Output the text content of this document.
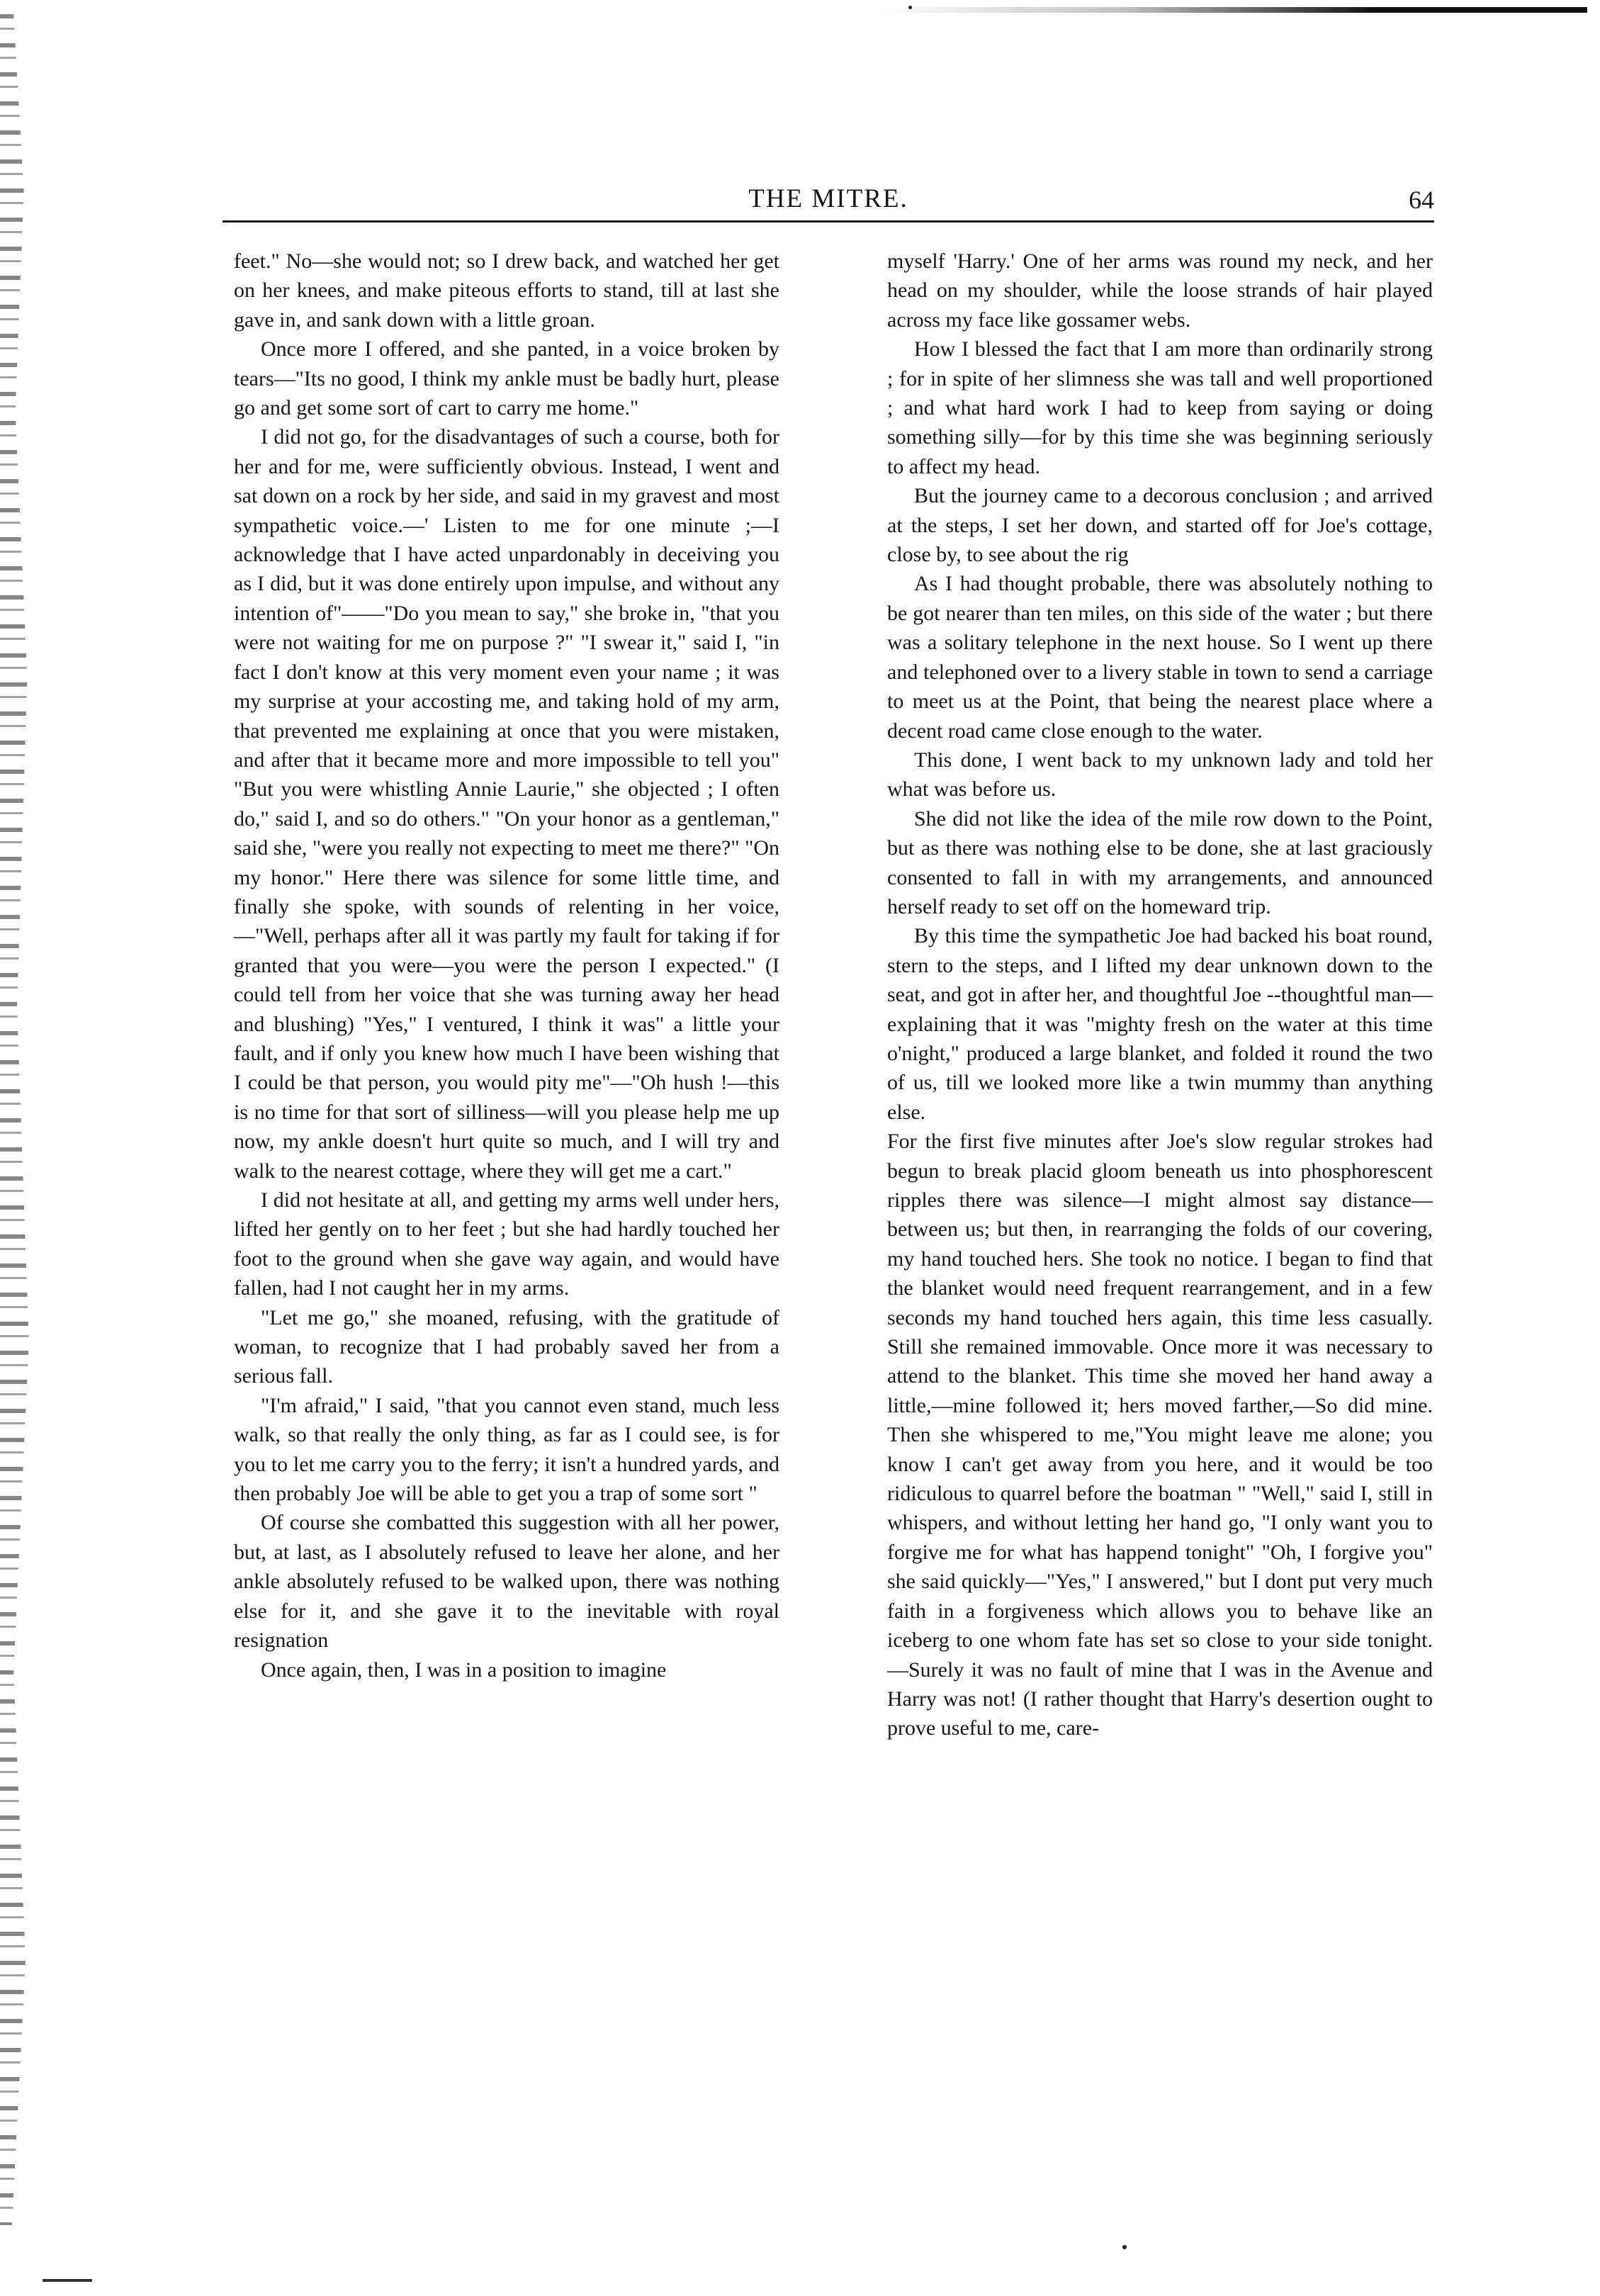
THE MITRE.	64

feet." No—she would not; so I drew back, and watched her get on her knees, and make piteous efforts to stand, till at last she gave in, and sank down with a little groan.

Once more I offered, and she panted, in a voice broken by tears—"Its no good, I think my ankle must be badly hurt, please go and get some sort of cart to carry me home."

I did not go, for the disadvantages of such a course, both for her and for me, were sufficiently obvious. Instead, I went and sat down on a rock by her side, and said in my gravest and most sympathetic voice.—' Listen to me for one minute ;—I acknowledge that I have acted unpardonably in deceiving you as I did, but it was done entirely upon impulse, and without any intention of"——"Do you mean to say," she broke in, "that you were not waiting for me on purpose ?" "I swear it," said I, "in fact I don't know at this very moment even your name ; it was my surprise at your accosting me, and taking hold of my arm, that prevented me explaining at once that you were mistaken, and after that it became more and more impossible to tell you" "But you were whistling Annie Laurie," she objected ; I often do," said I, and so do others." "On your honor as a gentleman," said she, "were you really not expecting to meet me there?" "On my honor." Here there was silence for some little time, and finally she spoke, with sounds of relenting in her voice,—"Well, perhaps after all it was partly my fault for taking if for granted that you were—you were the person I expected." (I could tell from her voice that she was turning away her head and blushing) "Yes," I ventured, I think it was" a little your fault, and if only you knew how much I have been wishing that I could be that person, you would pity me"—"Oh hush !—this is no time for that sort of silliness—will you please help me up now, my ankle doesn't hurt quite so much, and I will try and walk to the nearest cottage, where they will get me a cart."

I did not hesitate at all, and getting my arms well under hers, lifted her gently on to her feet ; but she had hardly touched her foot to the ground when she gave way again, and would have fallen, had I not caught her in my arms.

"Let me go," she moaned, refusing, with the gratitude of woman, to recognize that I had probably saved her from a serious fall.

"I'm afraid," I said, "that you cannot even stand, much less walk, so that really the only thing, as far as I could see, is for you to let me carry you to the ferry; it isn't a hundred yards, and then probably Joe will be able to get you a trap of some sort "

Of course she combatted this suggestion with all her power, but, at last, as I absolutely refused to leave her alone, and her ankle absolutely refused to be walked upon, there was nothing else for it, and she gave it to the inevitable with royal resignation

Once again, then, I was in a position to imagine

myself 'Harry.' One of her arms was round my neck, and her head on my shoulder, while the loose strands of hair played across my face like gossamer webs.

How I blessed the fact that I am more than ordinarily strong ; for in spite of her slimness she was tall and well proportioned ; and what hard work I had to keep from saying or doing something silly—for by this time she was beginning seriously to affect my head.

But the journey came to a decorous conclusion ; and arrived at the steps, I set her down, and started off for Joe's cottage, close by, to see about the rig

As I had thought probable, there was absolutely nothing to be got nearer than ten miles, on this side of the water ; but there was a solitary telephone in the next house. So I went up there and telephoned over to a livery stable in town to send a carriage to meet us at the Point, that being the nearest place where a decent road came close enough to the water.

This done, I went back to my unknown lady and told her what was before us.

She did not like the idea of the mile row down to the Point, but as there was nothing else to be done, she at last graciously consented to fall in with my arrangements, and announced herself ready to set off on the homeward trip.

By this time the sympathetic Joe had backed his boat round, stern to the steps, and I lifted my dear unknown down to the seat, and got in after her, and thoughtful Joe --thoughtful man—explaining that it was "mighty fresh on the water at this time o'night," produced a large blanket, and folded it round the two of us, till we looked more like a twin mummy than anything else.

For the first five minutes after Joe's slow regular strokes had begun to break placid gloom beneath us into phosphorescent ripples there was silence—I might almost say distance—between us; but then, in rearranging the folds of our covering, my hand touched hers. She took no notice. I began to find that the blanket would need frequent rearrangement, and in a few seconds my hand touched hers again, this time less casually. Still she remained immovable. Once more it was necessary to attend to the blanket. This time she moved her hand away a little,—mine followed it; hers moved farther,—So did mine. Then she whispered to me,"You might leave me alone; you know I can't get away from you here, and it would be too ridiculous to quarrel before the boatman " "Well," said I, still in whispers, and without letting her hand go, "I only want you to forgive me for what has happend tonight" "Oh, I forgive you" she said quickly—"Yes," I answered," but I dont put very much faith in a forgiveness which allows you to behave like an iceberg to one whom fate has set so close to your side tonight.—Surely it was no fault of mine that I was in the Avenue and Harry was not! (I rather thought that Harry's desertion ought to prove useful to me, care-
